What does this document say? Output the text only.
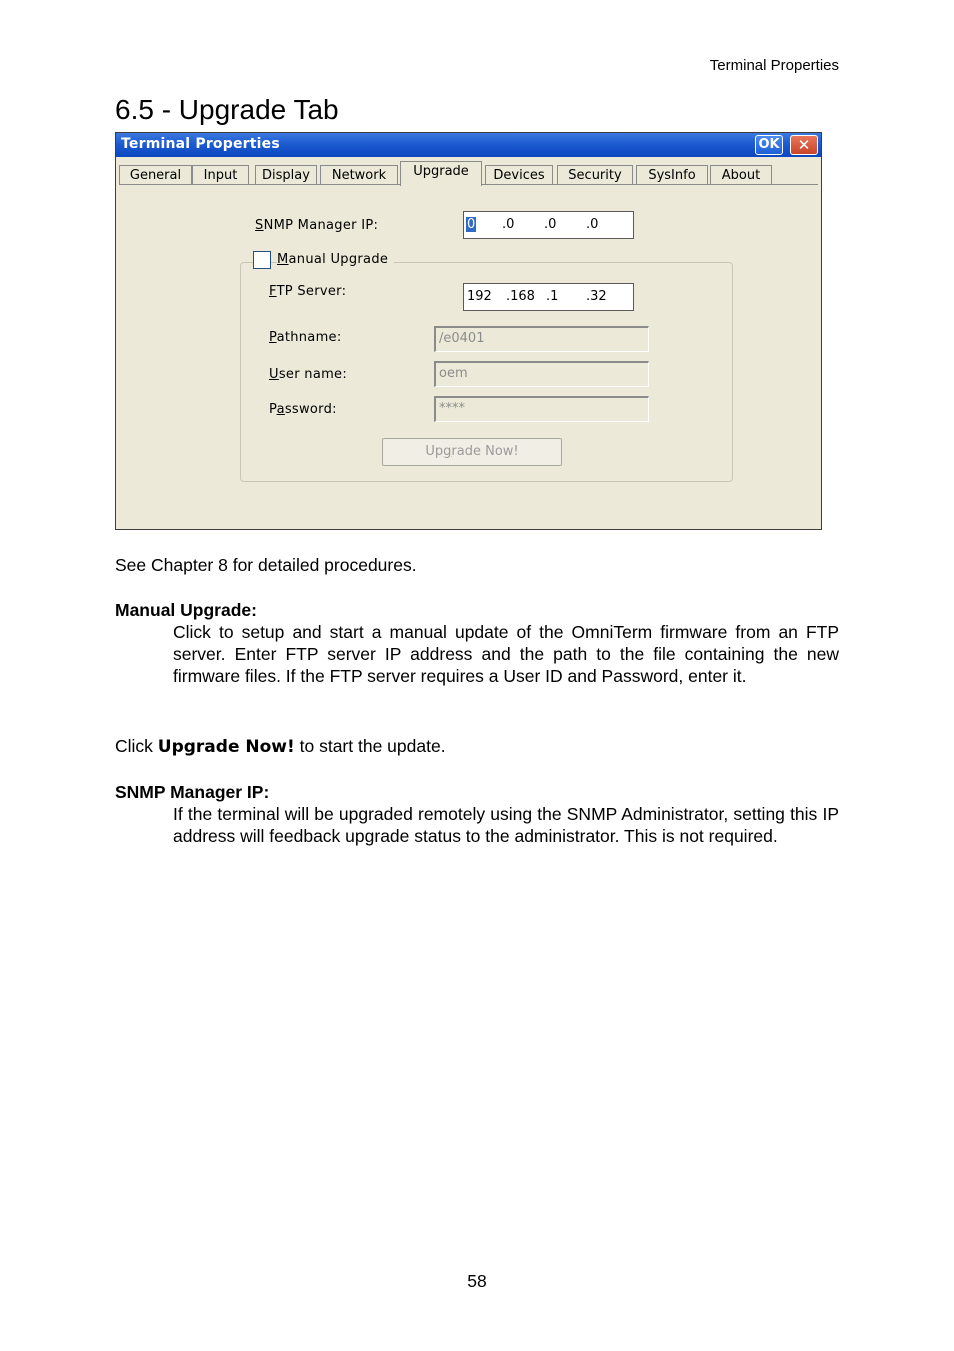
Terminal Properties
6.5 - Upgrade Tab
Terminal Properties	OK	✕
General	Input	Display	Network	Upgrade	Devices	Security	SysInfo	About
SNMP Manager IP:	0 .0 .0 .0
Manual Upgrade
FTP Server:	192 .168 .1 .32
Pathname:	/e0401
User name:	oem
Password:	****
Upgrade Now!
See Chapter 8 for detailed procedures.
Manual Upgrade:
Click to setup and start a manual update of the OmniTerm firmware from an FTP server. Enter FTP server IP address and the path to the file containing the new firmware files. If the FTP server requires a User ID and Password, enter it.
Click Upgrade Now! to start the update.
SNMP Manager IP:
If the terminal will be upgraded remotely using the SNMP Administrator, setting this IP address will feedback upgrade status to the administrator. This is not required.
58
